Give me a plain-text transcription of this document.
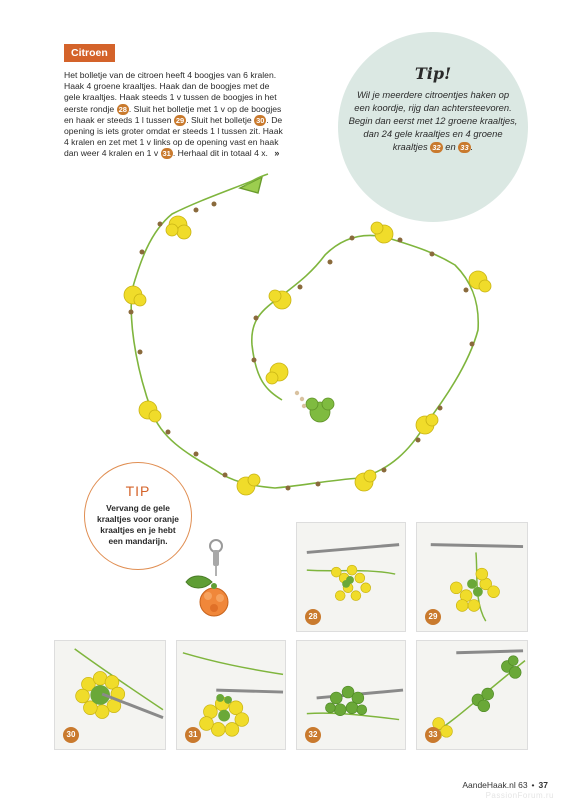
Citroen
Het bolletje van de citroen heeft 4 boogjes van 6 kralen. Haak 4 groene kraaltjes. Haak dan de boogjes met de gele kraaltjes. Haak steeds 1 v tussen de boogjes in het eerste rondje 28 . Sluit het bolletje met 1 v op de boogjes en haak er steeds 1 l tussen 29 . Sluit het bolletje 30 . De opening is iets groter omdat er steeds 1 l tussen zit. Haak 4 kralen en zet met 1 v links op de opening vast en haak dan weer 4 kralen en 1 v 31 . Herhaal dit in totaal 4 x. »
Tip!
Wil je meerdere citroentjes haken op een koordje, rijg dan achtersteevoren. Begin dan eerst met 12 groene kraaltjes, dan 24 gele kraaltjes en 4 groene kraaltjes 32 en 33 .
TIP
Vervang de gele kraaltjes voor oranje kraaltjes en je hebt een mandarijn.
28	29
30	31	32	33
AandeHaak.nl 63 • 37
PassionForum.ru
